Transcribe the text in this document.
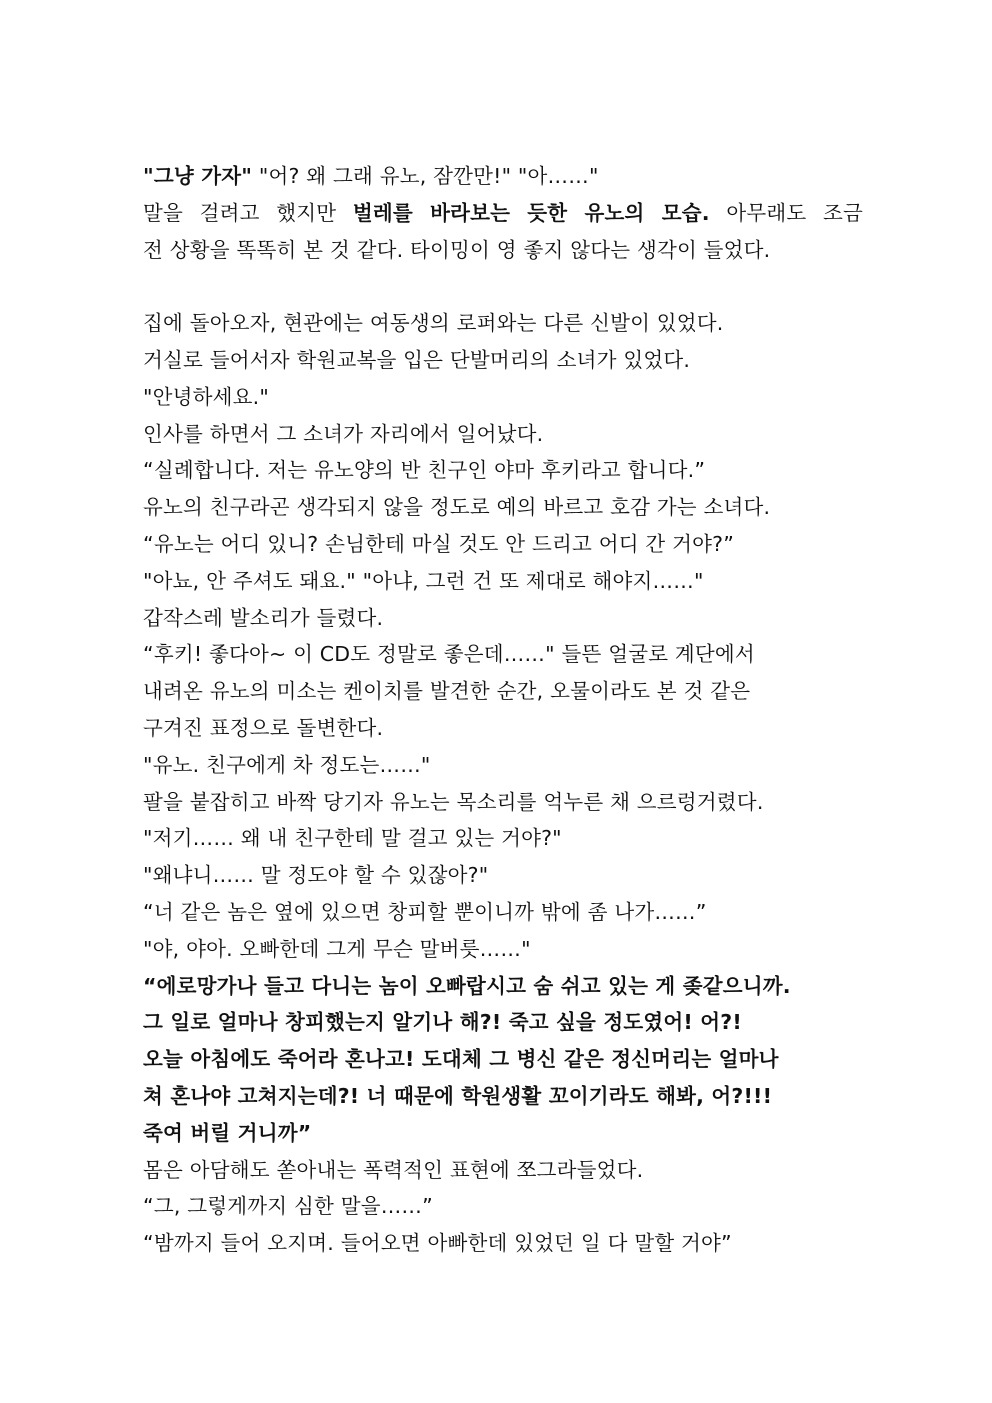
"그냥 가자" "어? 왜 그래 유노, 잠깐만!" "아……"
말을 걸려고 했지만 벌레를 바라보는 듯한 유노의 모습. 아무래도 조금
전 상황을 똑똑히 본 것 같다. 타이밍이 영 좋지 않다는 생각이 들었다.
집에 돌아오자, 현관에는 여동생의 로퍼와는 다른 신발이 있었다.
거실로 들어서자 학원교복을 입은 단발머리의 소녀가 있었다.
"안녕하세요."
인사를 하면서 그 소녀가 자리에서 일어났다.
“실례합니다. 저는 유노양의 반 친구인 야마 후키라고 합니다.”
유노의 친구라곤 생각되지 않을 정도로 예의 바르고 호감 가는 소녀다.
“유노는 어디 있니? 손님한테 마실 것도 안 드리고 어디 간 거야?”
"아뇨, 안 주셔도 돼요." "아냐, 그런 건 또 제대로 해야지……"
갑작스레 발소리가 들렸다.
“후키! 좋다아~ 이 CD도 정말로 좋은데……" 들뜬 얼굴로 계단에서
내려온 유노의 미소는 켄이치를 발견한 순간, 오물이라도 본 것 같은
구겨진 표정으로 돌변한다.
"유노. 친구에게 차 정도는……"
팔을 붙잡히고 바짝 당기자 유노는 목소리를 억누른 채 으르렁거렸다.
"저기…… 왜 내 친구한테 말 걸고 있는 거야?"
"왜냐니…… 말 정도야 할 수 있잖아?"
“너 같은 놈은 옆에 있으면 창피할 뿐이니까 밖에 좀 나가……”
"야, 야아. 오빠한데 그게 무슨 말버릇……"
“에로망가나 들고 다니는 놈이 오빠랍시고 숨 쉬고 있는 게 좆같으니까.
그 일로 얼마나 창피했는지 알기나 해?! 죽고 싶을 정도였어! 어?!
오늘 아침에도 죽어라 혼나고! 도대체 그 병신 같은 정신머리는 얼마나
쳐 혼나야 고쳐지는데?! 너 때문에 학원생활 꼬이기라도 해봐, 어?!!!
죽여 버릴 거니까”
몸은 아담해도 쏟아내는 폭력적인 표현에 쪼그라들었다.
“그, 그렇게까지 심한 말을……”
“밤까지 들어 오지며. 들어오면 아빠한데 있었던 일 다 말할 거야”
